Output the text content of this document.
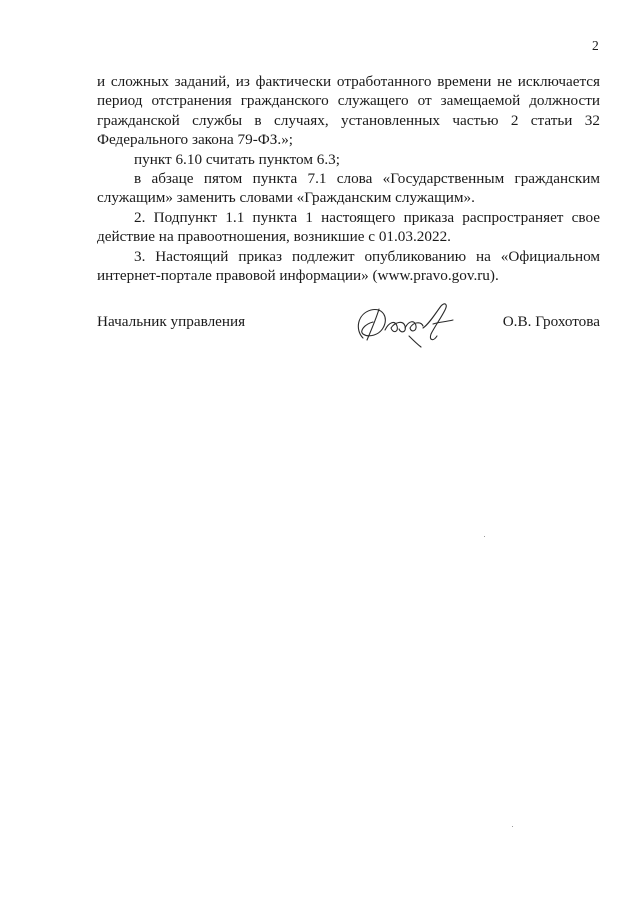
2

и сложных заданий, из фактически отработанного времени не исключается период отстранения гражданского служащего от замещаемой должности гражданской службы в случаях, установленных частью 2 статьи 32 Федерального закона 79-ФЗ.»;

пункт 6.10 считать пунктом 6.3;

в абзаце пятом пункта 7.1 слова «Государственным гражданским служащим» заменить словами «Гражданским служащим».

2. Подпункт 1.1 пункта 1 настоящего приказа распространяет свое действие на правоотношения, возникшие с 01.03.2022.

3. Настоящий приказ подлежит опубликованию на «Официальном интернет-портале правовой информации» (www.pravo.gov.ru).

Начальник управления	О.В. Грохотова
